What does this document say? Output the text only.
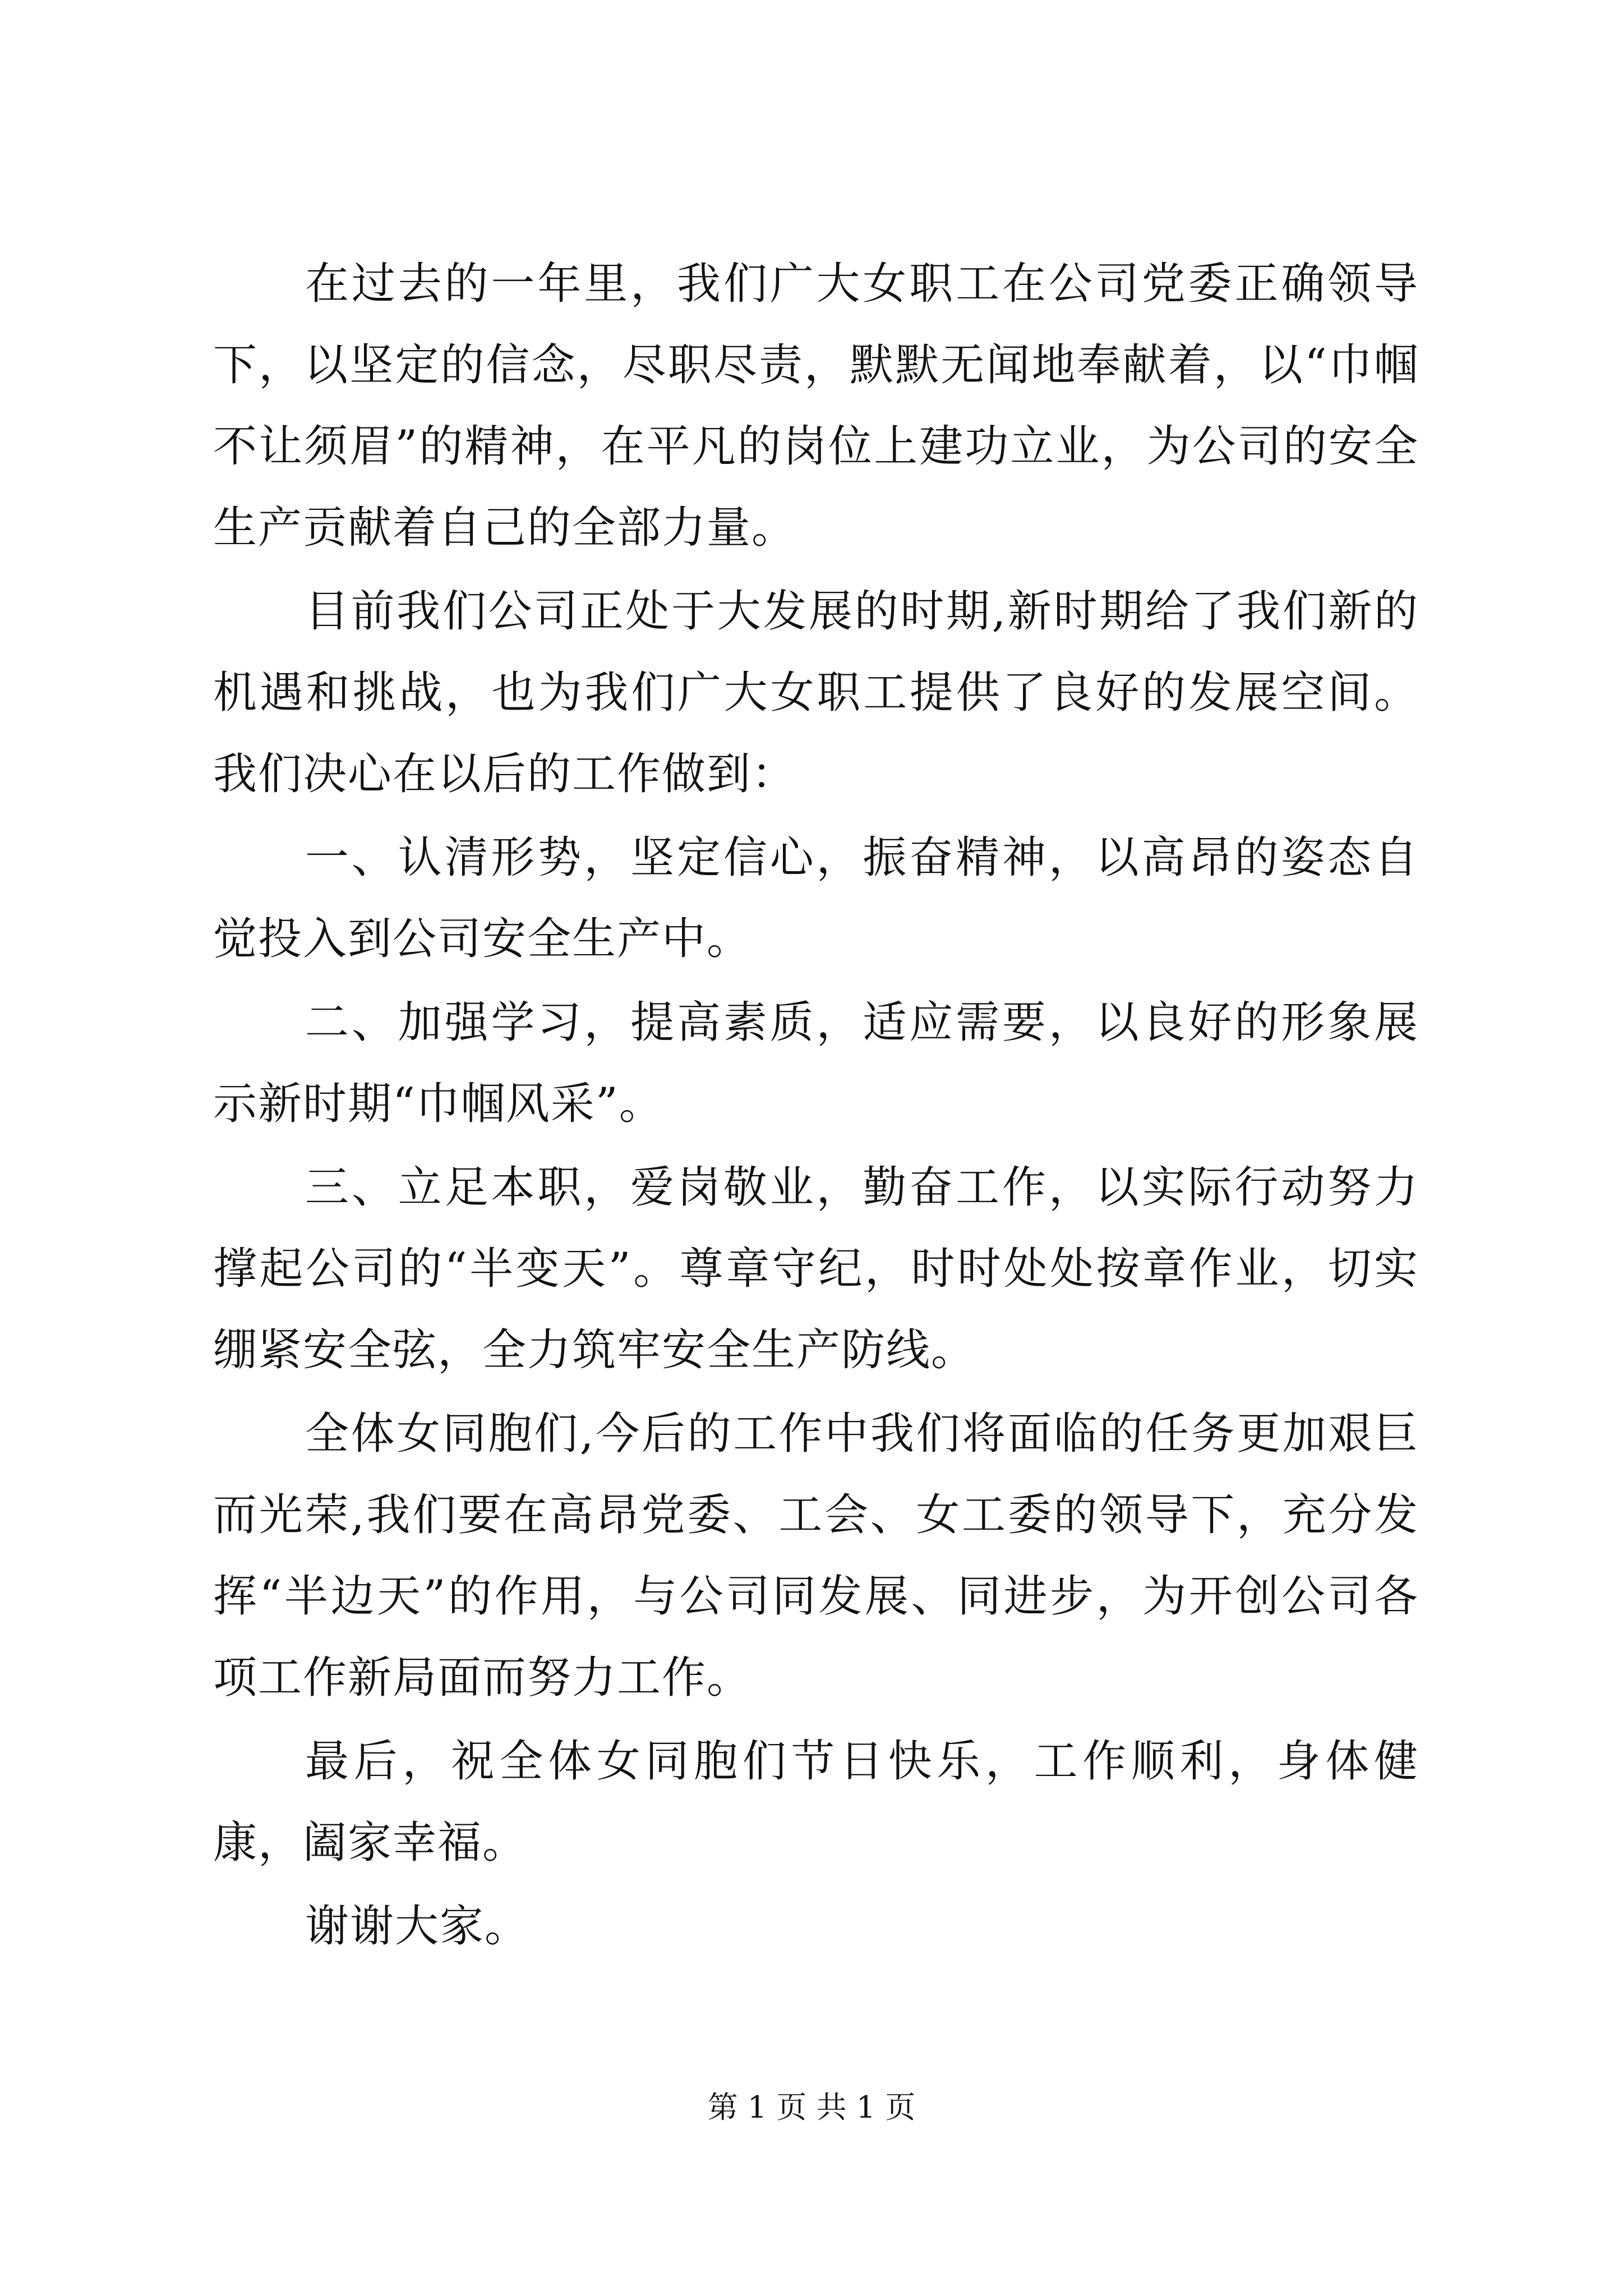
在过去的一年里，我们广大女职工在公司党委正确领导下，以坚定的信念，尽职尽责，默默无闻地奉献着，以“巾帼不让须眉”的精神，在平凡的岗位上建功立业，为公司的安全生产贡献着自己的全部力量。

目前我们公司正处于大发展的时期,新时期给了我们新的机遇和挑战，也为我们广大女职工提供了良好的发展空间。我们决心在以后的工作做到：

一、认清形势，坚定信心，振奋精神，以高昂的姿态自觉投入到公司安全生产中。

二、加强学习，提高素质，适应需要，以良好的形象展示新时期“巾帼风采”。

三、立足本职，爱岗敬业，勤奋工作，以实际行动努力撑起公司的“半变天”。尊章守纪，时时处处按章作业，切实绷紧安全弦，全力筑牢安全生产防线。

全体女同胞们,今后的工作中我们将面临的任务更加艰巨而光荣,我们要在高昂党委、工会、女工委的领导下，充分发挥“半边天”的作用，与公司同发展、同进步，为开创公司各项工作新局面而努力工作。

最后，祝全体女同胞们节日快乐，工作顺利，身体健康，阖家幸福。

谢谢大家。

第 1 页 共 1 页
